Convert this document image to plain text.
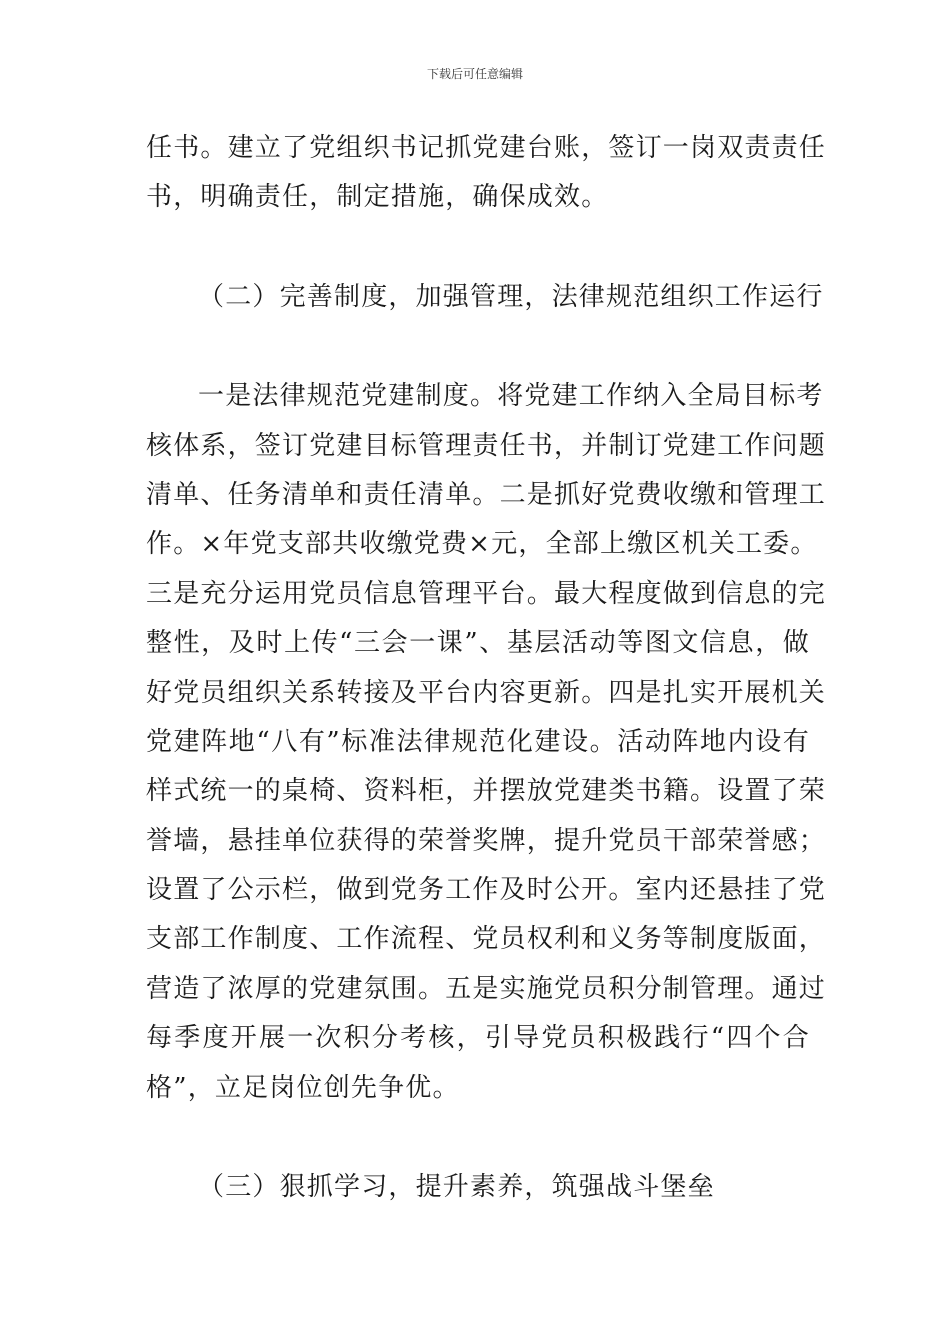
下载后可任意编辑
任书。建立了党组织书记抓党建台账，签订一岗双责责任
书，明确责任，制定措施，确保成效。
（二）完善制度，加强管理，法律规范组织工作运行
一是法律规范党建制度。将党建工作纳入全局目标考
核体系，签订党建目标管理责任书，并制订党建工作问题
清单、任务清单和责任清单。二是抓好党费收缴和管理工
作。×年党支部共收缴党费×元，全部上缴区机关工委。
三是充分运用党员信息管理平台。最大程度做到信息的完
整性，及时上传“三会一课”、基层活动等图文信息，做
好党员组织关系转接及平台内容更新。四是扎实开展机关
党建阵地“八有”标准法律规范化建设。活动阵地内设有
样式统一的桌椅、资料柜，并摆放党建类书籍。设置了荣
誉墙，悬挂单位获得的荣誉奖牌，提升党员干部荣誉感；
设置了公示栏，做到党务工作及时公开。室内还悬挂了党
支部工作制度、工作流程、党员权利和义务等制度版面，
营造了浓厚的党建氛围。五是实施党员积分制管理。通过
每季度开展一次积分考核，引导党员积极践行“四个合
格”，立足岗位创先争优。
（三）狠抓学习，提升素养，筑强战斗堡垒
